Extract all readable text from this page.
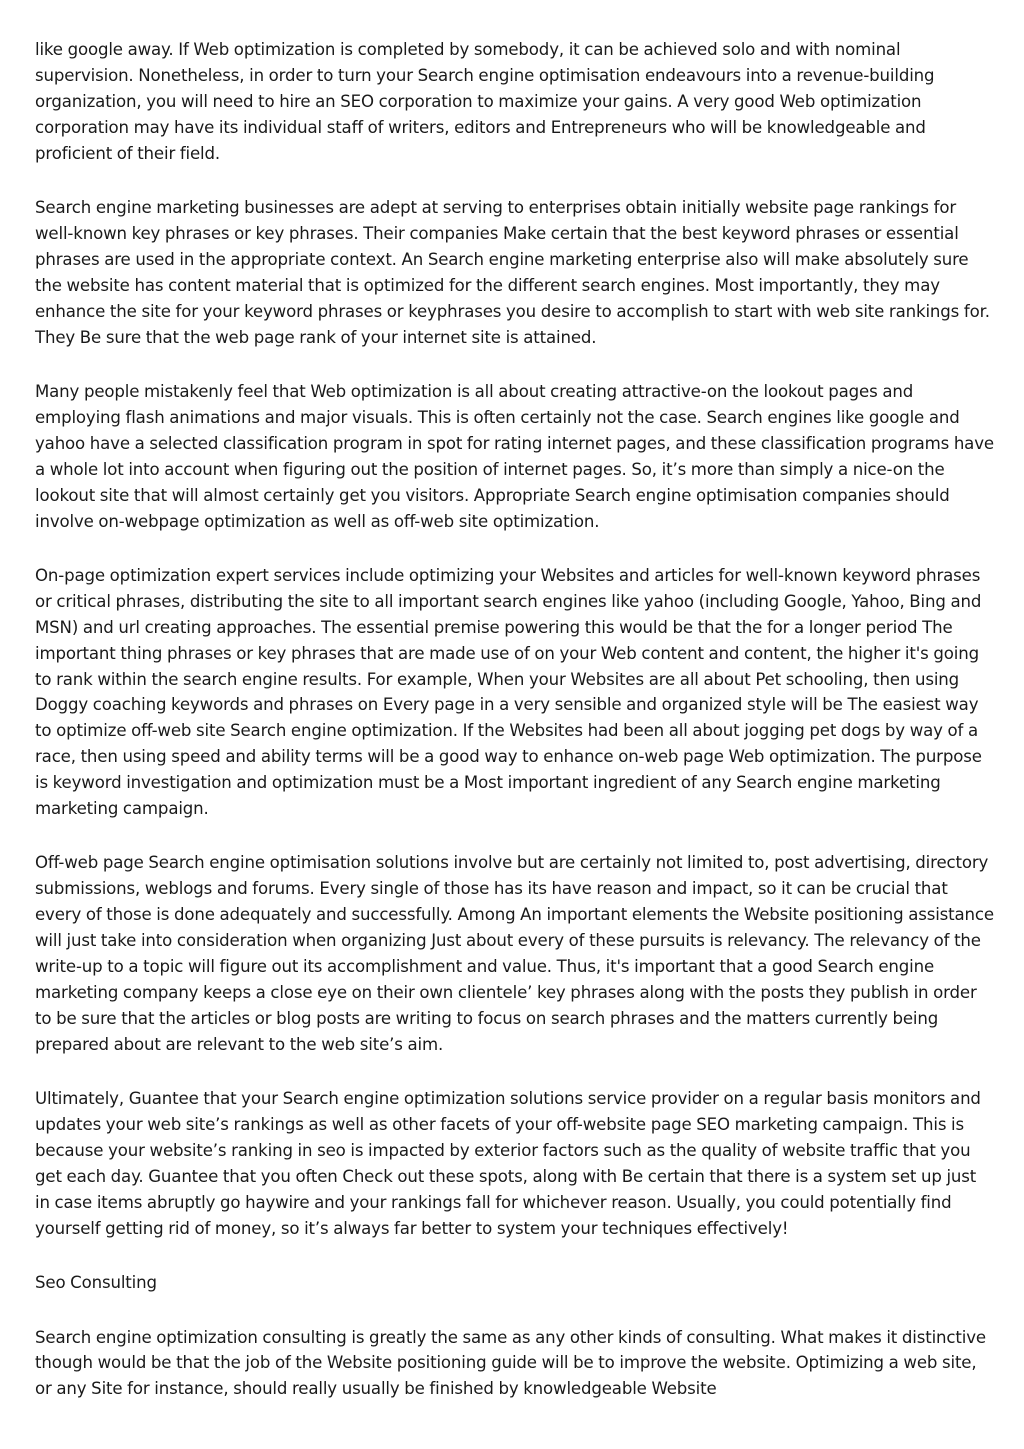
like google away. If Web optimization is completed by somebody, it can be achieved solo and with nominal supervision. Nonetheless, in order to turn your Search engine optimisation endeavours into a revenue-building organization, you will need to hire an SEO corporation to maximize your gains. A very good Web optimization corporation may have its individual staff of writers, editors and Entrepreneurs who will be knowledgeable and proficient of their field.

Search engine marketing businesses are adept at serving to enterprises obtain initially website page rankings for well-known key phrases or key phrases. Their companies Make certain that the best keyword phrases or essential phrases are used in the appropriate context. An Search engine marketing enterprise also will make absolutely sure the website has content material that is optimized for the different search engines. Most importantly, they may enhance the site for your keyword phrases or keyphrases you desire to accomplish to start with web site rankings for. They Be sure that the web page rank of your internet site is attained.

Many people mistakenly feel that Web optimization is all about creating attractive-on the lookout pages and employing flash animations and major visuals. This is often certainly not the case. Search engines like google and yahoo have a selected classification program in spot for rating internet pages, and these classification programs have a whole lot into account when figuring out the position of internet pages. So, it’s more than simply a nice-on the lookout site that will almost certainly get you visitors. Appropriate Search engine optimisation companies should involve on-webpage optimization as well as off-web site optimization.

On-page optimization expert services include optimizing your Websites and articles for well-known keyword phrases or critical phrases, distributing the site to all important search engines like yahoo (including Google, Yahoo, Bing and MSN) and url creating approaches. The essential premise powering this would be that the for a longer period The important thing phrases or key phrases that are made use of on your Web content and content, the higher it's going to rank within the search engine results. For example, When your Websites are all about Pet schooling, then using Doggy coaching keywords and phrases on Every page in a very sensible and organized style will be The easiest way to optimize off-web site Search engine optimization. If the Websites had been all about jogging pet dogs by way of a race, then using speed and ability terms will be a good way to enhance on-web page Web optimization. The purpose is keyword investigation and optimization must be a Most important ingredient of any Search engine marketing marketing campaign.

Off-web page Search engine optimisation solutions involve but are certainly not limited to, post advertising, directory submissions, weblogs and forums. Every single of those has its have reason and impact, so it can be crucial that every of those is done adequately and successfully. Among An important elements the Website positioning assistance will just take into consideration when organizing Just about every of these pursuits is relevancy. The relevancy of the write-up to a topic will figure out its accomplishment and value. Thus, it's important that a good Search engine marketing company keeps a close eye on their own clientele’ key phrases along with the posts they publish in order to be sure that the articles or blog posts are writing to focus on search phrases and the matters currently being prepared about are relevant to the web site’s aim.

Ultimately, Guantee that your Search engine optimization solutions service provider on a regular basis monitors and updates your web site’s rankings as well as other facets of your off-website page SEO marketing campaign. This is because your website’s ranking in seo is impacted by exterior factors such as the quality of website traffic that you get each day. Guantee that you often Check out these spots, along with Be certain that there is a system set up just in case items abruptly go haywire and your rankings fall for whichever reason. Usually, you could potentially find yourself getting rid of money, so it’s always far better to system your techniques effectively!

Seo Consulting

Search engine optimization consulting is greatly the same as any other kinds of consulting. What makes it distinctive though would be that the job of the Website positioning guide will be to improve the website. Optimizing a web site, or any Site for instance, should really usually be finished by knowledgeable Website
